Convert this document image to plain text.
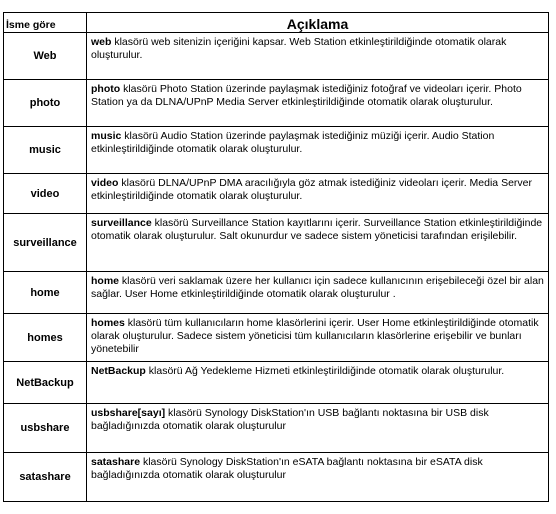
İsme göre	Açıklama
Web	web klasörü web sitenizin içeriğini kapsar. Web Station etkinleştirildiğinde otomatik olarak oluşturulur.
photo	photo klasörü Photo Station üzerinde paylaşmak istediğiniz fotoğraf ve videoları içerir. Photo Station ya da DLNA/UPnP Media Server etkinleştirildiğinde otomatik olarak oluşturulur.
music	music klasörü Audio Station üzerinde paylaşmak istediğiniz müziği içerir. Audio Station etkinleştirildiğinde otomatik olarak oluşturulur.
video	video klasörü DLNA/UPnP DMA aracılığıyla göz atmak istediğiniz videoları içerir. Media Server etkinleştirildiğinde otomatik olarak oluşturulur.
surveillance	surveillance klasörü Surveillance Station kayıtlarını içerir. Surveillance Station etkinleştirildiğinde otomatik olarak oluşturulur. Salt okunurdur ve sadece sistem yöneticisi tarafından erişilebilir.
home	home klasörü veri saklamak üzere her kullanıcı için sadece kullanıcının erişebileceği özel bir alan sağlar. User Home etkinleştirildiğinde otomatik olarak oluşturulur .
homes	homes klasörü tüm kullanıcıların home klasörlerini içerir. User Home etkinleştirildiğinde otomatik olarak oluşturulur. Sadece sistem yöneticisi tüm kullanıcıların klasörlerine erişebilir ve bunları yönetebilir
NetBackup	NetBackup klasörü Ağ Yedekleme Hizmeti etkinleştirildiğinde otomatik olarak oluşturulur.
usbshare	usbshare[sayı] klasörü Synology DiskStation'ın USB bağlantı noktasına bir USB disk bağladığınızda otomatik olarak oluşturulur
satashare	satashare klasörü Synology DiskStation'ın eSATA bağlantı noktasına bir eSATA disk bağladığınızda otomatik olarak oluşturulur
